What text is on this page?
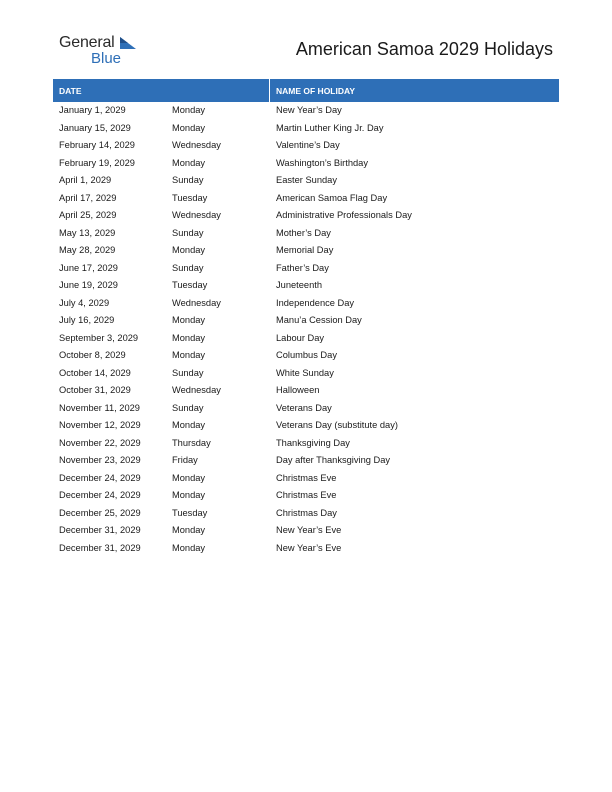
General
Blue	American Samoa 2029 Holidays
DATE	NAME OF HOLIDAY
January 1, 2029	Monday	New Year’s Day
January 15, 2029	Monday	Martin Luther King Jr. Day
February 14, 2029	Wednesday	Valentine’s Day
February 19, 2029	Monday	Washington’s Birthday
April 1, 2029	Sunday	Easter Sunday
April 17, 2029	Tuesday	American Samoa Flag Day
April 25, 2029	Wednesday	Administrative Professionals Day
May 13, 2029	Sunday	Mother’s Day
May 28, 2029	Monday	Memorial Day
June 17, 2029	Sunday	Father’s Day
June 19, 2029	Tuesday	Juneteenth
July 4, 2029	Wednesday	Independence Day
July 16, 2029	Monday	Manu’a Cession Day
September 3, 2029	Monday	Labour Day
October 8, 2029	Monday	Columbus Day
October 14, 2029	Sunday	White Sunday
October 31, 2029	Wednesday	Halloween
November 11, 2029	Sunday	Veterans Day
November 12, 2029	Monday	Veterans Day (substitute day)
November 22, 2029	Thursday	Thanksgiving Day
November 23, 2029	Friday	Day after Thanksgiving Day
December 24, 2029	Monday	Christmas Eve
December 24, 2029	Monday	Christmas Eve
December 25, 2029	Tuesday	Christmas Day
December 31, 2029	Monday	New Year’s Eve
December 31, 2029	Monday	New Year’s Eve
